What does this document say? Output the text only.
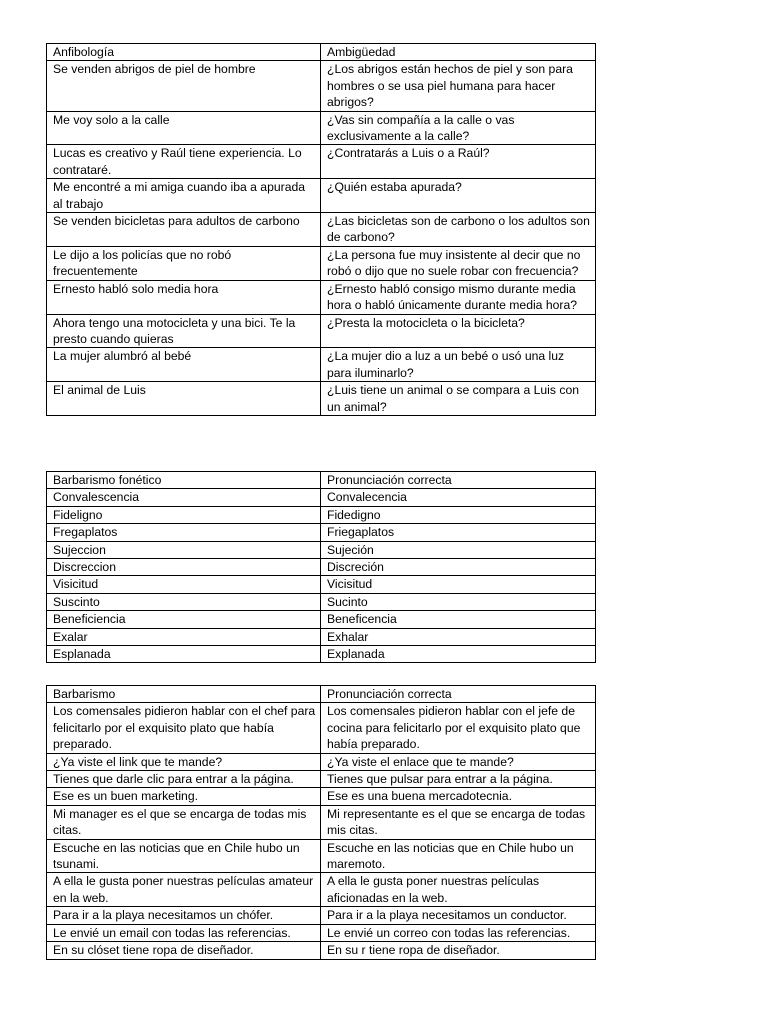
Anfibología	Ambigüedad
Se venden abrigos de piel de hombre	¿Los abrigos están hechos de piel y son para hombres o se usa piel humana para hacer abrigos?
Me voy solo a la calle	¿Vas sin compañía a la calle o vas exclusivamente a la calle?
Lucas es creativo y Raúl tiene experiencia. Lo contrataré.	¿Contratarás a Luis o a Raúl?
Me encontré a mi amiga cuando iba a apurada al trabajo	¿Quién estaba apurada?
Se venden bicicletas para adultos de carbono	¿Las bicicletas son de carbono o los adultos son de carbono?
Le dijo a los policías que no robó frecuentemente	¿La persona fue muy insistente al decir que no robó o dijo que no suele robar con frecuencia?
Ernesto habló solo media hora	¿Ernesto habló consigo mismo durante media hora o habló únicamente durante media hora?
Ahora tengo una motocicleta y una bici. Te la presto cuando quieras	¿Presta la motocicleta o la bicicleta?
La mujer alumbró al bebé	¿La mujer dio a luz a un bebé o usó una luz para iluminarlo?
El animal de Luis	¿Luis tiene un animal o se compara a Luis con un animal?
Barbarismo fonético	Pronunciación correcta
Convalescencia	Convalecencia
Fideligno	Fidedigno
Fregaplatos	Friegaplatos
Sujeccion	Sujeción
Discreccion	Discreción
Visicitud	Vicisitud
Suscinto	Sucinto
Beneficiencia	Beneficencia
Exalar	Exhalar
Esplanada	Explanada
Barbarismo	Pronunciación correcta
Los comensales pidieron hablar con el chef para felicitarlo por el exquisito plato que había preparado.	Los comensales pidieron hablar con el jefe de cocina para felicitarlo por el exquisito plato que había preparado.
¿Ya viste el link que te mande?	¿Ya viste el enlace que te mande?
Tienes que darle clic para entrar a la página.	Tienes que pulsar para entrar a la página.
Ese es un buen marketing.	Ese es una buena mercadotecnia.
Mi manager es el que se encarga de todas mis citas.	Mi representante es el que se encarga de todas mis citas.
Escuche en las noticias que en Chile hubo un tsunami.	Escuche en las noticias que en Chile hubo un maremoto.
A ella le gusta poner nuestras películas amateur en la web.	A ella le gusta poner nuestras películas aficionadas en la web.
Para ir a la playa necesitamos un chófer.	Para ir a la playa necesitamos un conductor.
Le envié un email con todas las referencias.	Le envié un correo con todas las referencias.
En su clóset tiene ropa de diseñador.	En su r tiene ropa de diseñador.
